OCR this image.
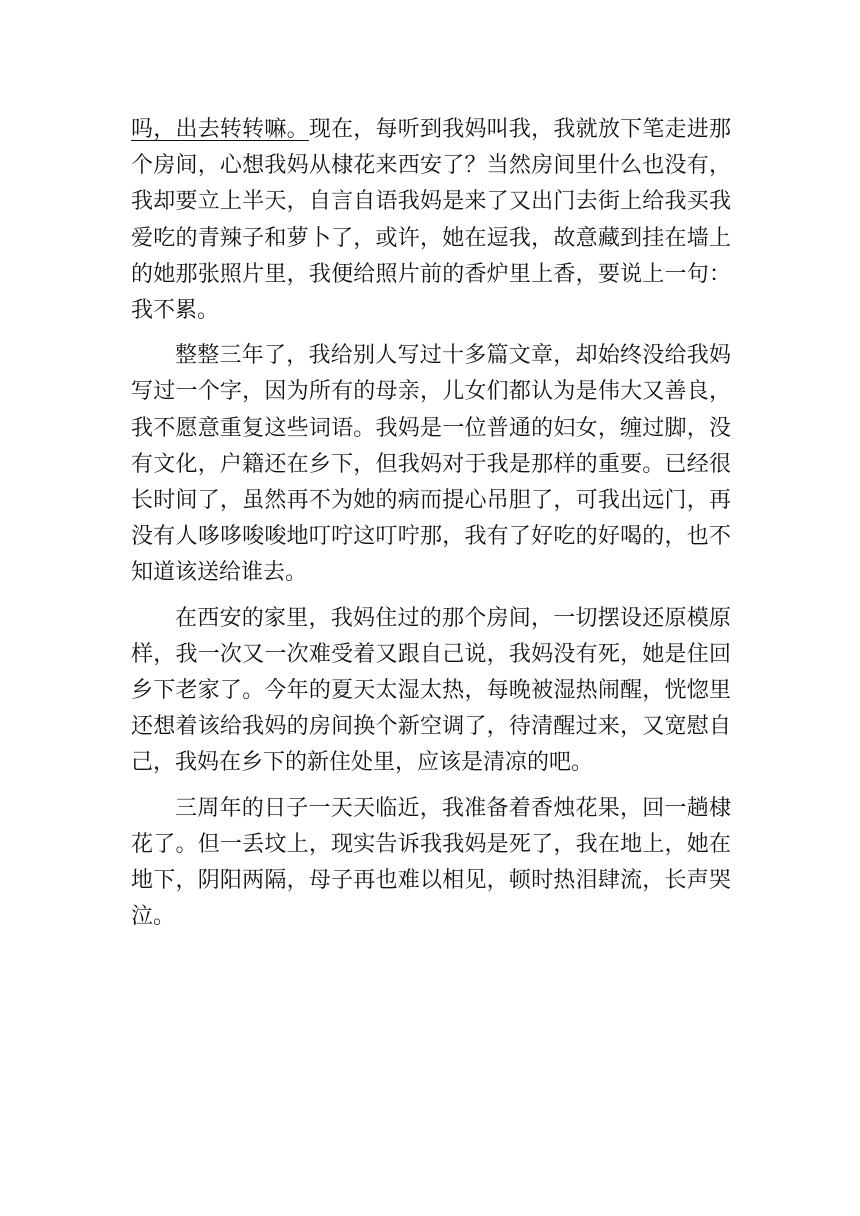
吗，出去转转嘛。现在，每听到我妈叫我，我就放下笔走进那个房间，心想我妈从棣花来西安了？当然房间里什么也没有，我却要立上半天，自言自语我妈是来了又出门去街上给我买我爱吃的青辣子和萝卜了，或许，她在逗我，故意藏到挂在墙上的她那张照片里，我便给照片前的香炉里上香，要说上一句：我不累。

整整三年了，我给别人写过十多篇文章，却始终没给我妈写过一个字，因为所有的母亲，儿女们都认为是伟大又善良，我不愿意重复这些词语。我妈是一位普通的妇女，缠过脚，没有文化，户籍还在乡下，但我妈对于我是那样的重要。已经很长时间了，虽然再不为她的病而提心吊胆了，可我出远门，再没有人哆哆唆唆地叮咛这叮咛那，我有了好吃的好喝的，也不知道该送给谁去。

在西安的家里，我妈住过的那个房间，一切摆设还原模原样，我一次又一次难受着又跟自己说，我妈没有死，她是住回乡下老家了。今年的夏天太湿太热，每晚被湿热闹醒，恍惚里还想着该给我妈的房间换个新空调了，待清醒过来，又宽慰自己，我妈在乡下的新住处里，应该是清凉的吧。

三周年的日子一天天临近，我准备着香烛花果，回一趟棣花了。但一丢坟上，现实告诉我我妈是死了，我在地上，她在地下，阴阳两隔，母子再也难以相见，顿时热泪肆流，长声哭泣。
